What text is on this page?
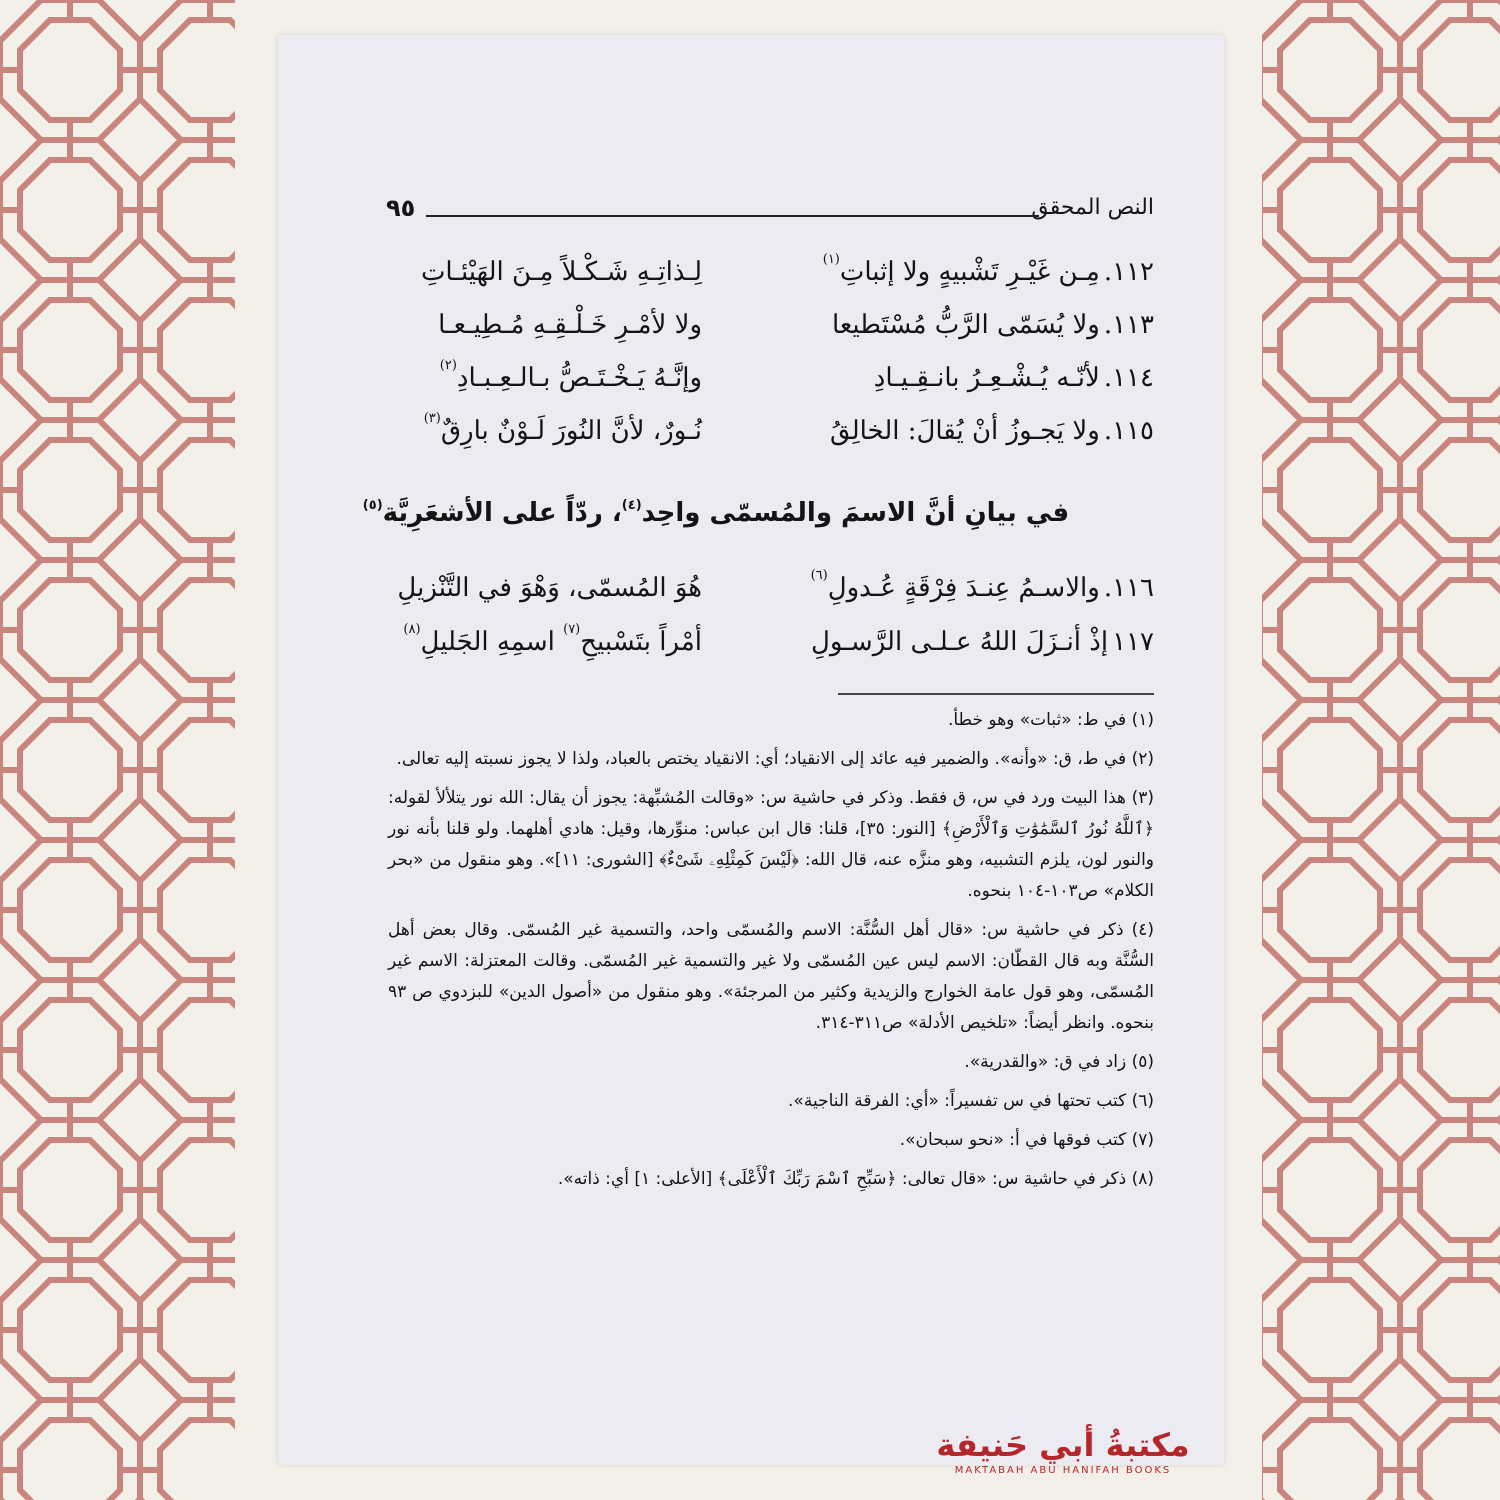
النص المحقق
٩٥
١١٢.مِـن غَيْـرِ تَشْبيهٍ ولا إثباتِ$^{(١)}$
لِـذاتِـهِ شَـكْـلاً مِـنَ الهَيْئـاتِ
١١٣.ولا يُسَمّى الرَّبُّ مُسْتَطيعا
ولا لأمْـرِ خَـلْـقِـهِ مُـطِيـعـا
١١٤.لأنّـه يُـشْـعِـرُ بانـقِـيـادِ
وإنَّـهُ يَـخْـتَـصُّ بـالـعِـبـادِ$^{(٢)}$
١١٥.ولا يَجـوزُ أنْ يُقالَ: الخالِقُ
نُـورٌ، لأنَّ النُورَ لَـوْنٌ بارِقٌ$^{(٣)}$
في بيانِ أنَّ الاسمَ والمُسمّى واحِد$^{(٤)}$، ردّاً على الأشعَرِيَّة$^{(٥)}$
١١٦.والاسـمُ عِنـدَ فِرْقَةٍ عُـدولِ$^{(٦)}$
هُوَ المُسمّى، وَهْوَ في التَّنْزيلِ
١١٧إذْ أنـزَلَ اللهُ عـلـى الرَّسـولِ
أمْراً بتَسْبيحِ$^{(٧)}$ اسمِهِ الجَليلِ$^{(٨)}$

(١) في ط: «ثبات» وهو خطأ.

(٢) في ط، ق: «وأنه». والضمير فيه عائد إلى الانقياد؛ أي: الانقياد يختص بالعباد، ولذا لا يجوز نسبته إليه تعالى.

(٣) هذا البيت ورد في س، ق فقط. وذكر في حاشية س: «وقالت المُشبِّهة: يجوز أن يقال: الله نور يتلألأ لقوله: ﴿ٱللَّهُ نُورُ ٱلسَّمَٰوَٰتِ وَٱلْأَرْضِ﴾ [النور: ٣٥]، قلنا: قال ابن عباس: منوِّرها، وقيل: هادي أهلهما. ولو قلنا بأنه نور والنور لون، يلزم التشبيه، وهو منزَّه عنه، قال الله: ﴿لَيْسَ كَمِثْلِهِۦ شَىْءٌ﴾ [الشورى: ١١]». وهو منقول من «بحر الكلام» ص١٠٣-١٠٤ بنحوه.

(٤) ذكر في حاشية س: «قال أهل السُّنَّة: الاسم والمُسمّى واحد، والتسمية غير المُسمّى. وقال بعض أهل السُّنَّة وبه قال القطّان: الاسم ليس عين المُسمّى ولا غير والتسمية غير المُسمّى. وقالت المعتزلة: الاسم غير المُسمّى، وهو قول عامة الخوارج والزيدية وكثير من المرجئة». وهو منقول من «أصول الدين» للبزدوي ص ٩٣ بنحوه. وانظر أيضاً: «تلخيص الأدلة» ص٣١١-٣١٤.

(٥) زاد في ق: «والقدرية».

(٦) كتب تحتها في س تفسيراً: «أي: الفرقة الناجية».

(٧) كتب فوقها في أ: «نحو سبحان».

(٨) ذكر في حاشية س: «قال تعالى: ﴿سَبِّحِ ٱسْمَ رَبِّكَ ٱلْأَعْلَى﴾ [الأعلى: ١] أي: ذاته».

مكتبةُ أبي حَنيفة
MAKTABAH ABU HANIFAH BOOKS
